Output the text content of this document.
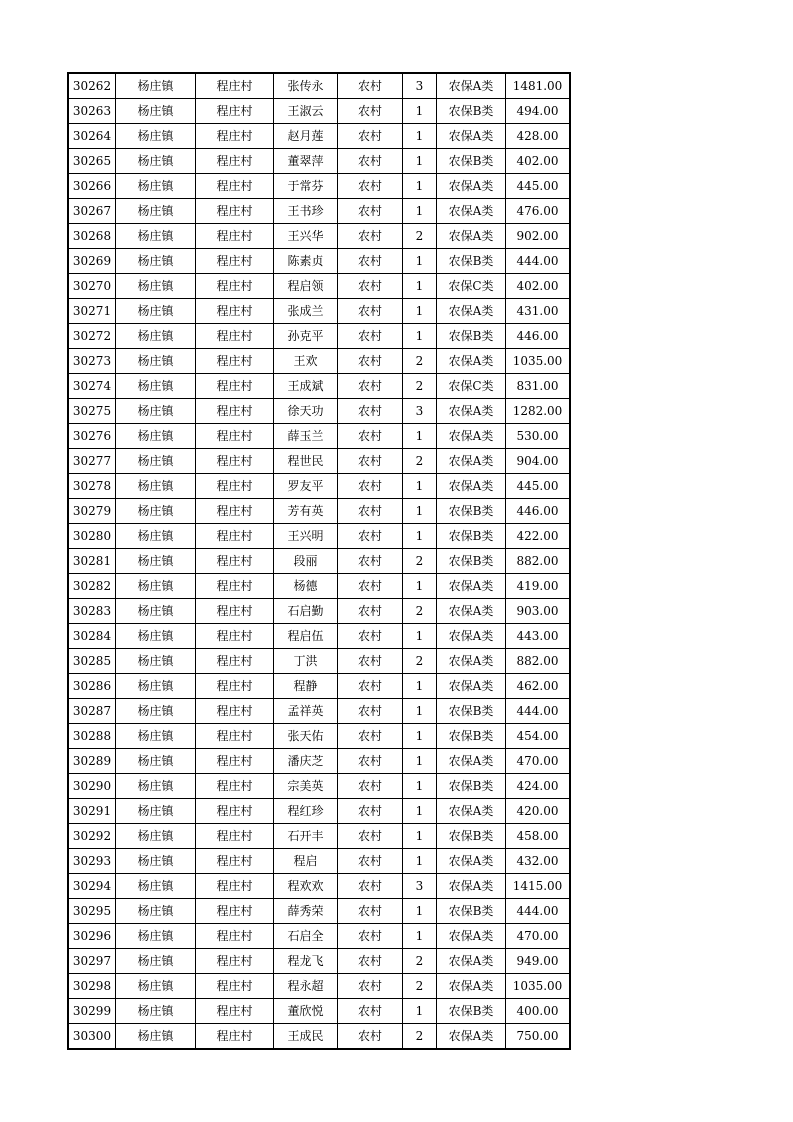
30262	杨庄镇	程庄村	张传永	农村	3	农保A类	1481.00
30263	杨庄镇	程庄村	王淑云	农村	1	农保B类	494.00
30264	杨庄镇	程庄村	赵月莲	农村	1	农保A类	428.00
30265	杨庄镇	程庄村	董翠萍	农村	1	农保B类	402.00
30266	杨庄镇	程庄村	于常芬	农村	1	农保A类	445.00
30267	杨庄镇	程庄村	王书珍	农村	1	农保A类	476.00
30268	杨庄镇	程庄村	王兴华	农村	2	农保A类	902.00
30269	杨庄镇	程庄村	陈素贞	农村	1	农保B类	444.00
30270	杨庄镇	程庄村	程启领	农村	1	农保C类	402.00
30271	杨庄镇	程庄村	张成兰	农村	1	农保A类	431.00
30272	杨庄镇	程庄村	孙克平	农村	1	农保B类	446.00
30273	杨庄镇	程庄村	王欢	农村	2	农保A类	1035.00
30274	杨庄镇	程庄村	王成斌	农村	2	农保C类	831.00
30275	杨庄镇	程庄村	徐天功	农村	3	农保A类	1282.00
30276	杨庄镇	程庄村	薛玉兰	农村	1	农保A类	530.00
30277	杨庄镇	程庄村	程世民	农村	2	农保A类	904.00
30278	杨庄镇	程庄村	罗友平	农村	1	农保A类	445.00
30279	杨庄镇	程庄村	芳有英	农村	1	农保B类	446.00
30280	杨庄镇	程庄村	王兴明	农村	1	农保B类	422.00
30281	杨庄镇	程庄村	段丽	农村	2	农保B类	882.00
30282	杨庄镇	程庄村	杨德	农村	1	农保A类	419.00
30283	杨庄镇	程庄村	石启勤	农村	2	农保A类	903.00
30284	杨庄镇	程庄村	程启伍	农村	1	农保A类	443.00
30285	杨庄镇	程庄村	丁洪	农村	2	农保A类	882.00
30286	杨庄镇	程庄村	程静	农村	1	农保A类	462.00
30287	杨庄镇	程庄村	孟祥英	农村	1	农保B类	444.00
30288	杨庄镇	程庄村	张天佑	农村	1	农保B类	454.00
30289	杨庄镇	程庄村	潘庆芝	农村	1	农保A类	470.00
30290	杨庄镇	程庄村	宗美英	农村	1	农保B类	424.00
30291	杨庄镇	程庄村	程红珍	农村	1	农保A类	420.00
30292	杨庄镇	程庄村	石开丰	农村	1	农保B类	458.00
30293	杨庄镇	程庄村	程启	农村	1	农保A类	432.00
30294	杨庄镇	程庄村	程欢欢	农村	3	农保A类	1415.00
30295	杨庄镇	程庄村	薛秀荣	农村	1	农保B类	444.00
30296	杨庄镇	程庄村	石启全	农村	1	农保A类	470.00
30297	杨庄镇	程庄村	程龙飞	农村	2	农保A类	949.00
30298	杨庄镇	程庄村	程永超	农村	2	农保A类	1035.00
30299	杨庄镇	程庄村	董欣悦	农村	1	农保B类	400.00
30300	杨庄镇	程庄村	王成民	农村	2	农保A类	750.00
